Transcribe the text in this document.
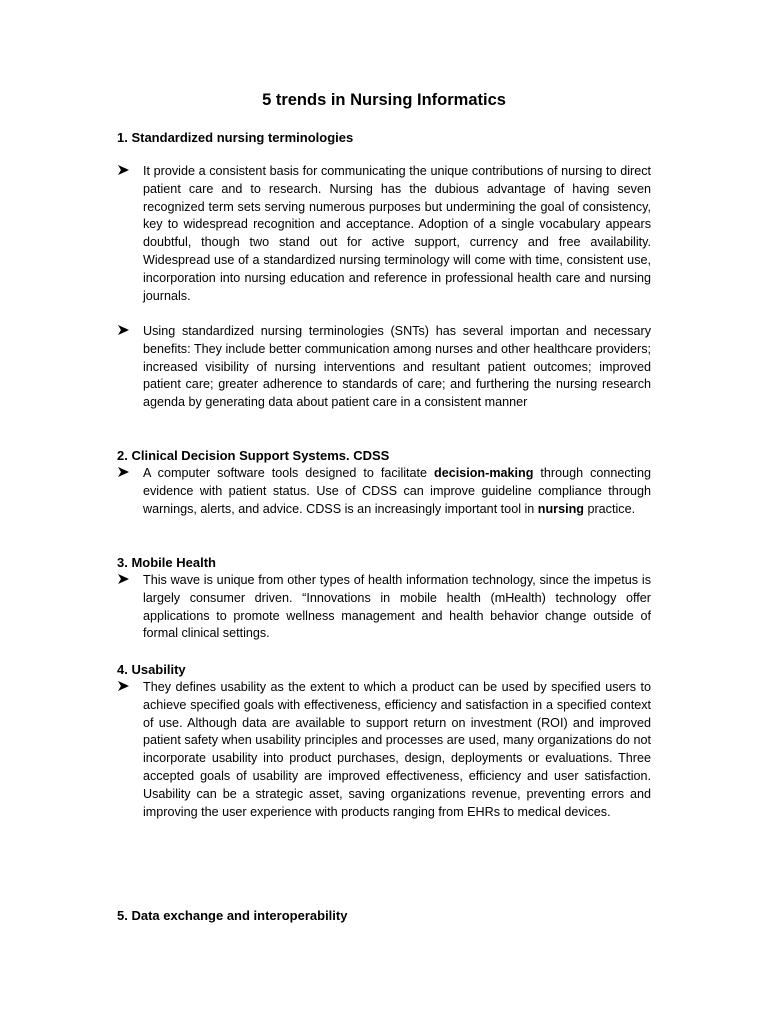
5 trends in Nursing Informatics
1. Standardized nursing terminologies
It provide a consistent basis for communicating the unique contributions of nursing to direct patient care and to research. Nursing has the dubious advantage of having seven recognized term sets serving numerous purposes but undermining the goal of consistency, key to widespread recognition and acceptance. Adoption of a single vocabulary appears doubtful, though two stand out for active support, currency and free availability. Widespread use of a standardized nursing terminology will come with time, consistent use, incorporation into nursing education and reference in professional health care and nursing journals.
Using standardized nursing terminologies (SNTs) has several importan and necessary benefits: They include better communication among nurses and other healthcare providers; increased visibility of nursing interventions and resultant patient outcomes; improved patient care; greater adherence to standards of care; and furthering the nursing research agenda by generating data about patient care in a consistent manner
2. Clinical Decision Support Systems. CDSS
A computer software tools designed to facilitate decision-making through connecting evidence with patient status. Use of CDSS can improve guideline compliance through warnings, alerts, and advice. CDSS is an increasingly important tool in nursing practice.
3. Mobile Health
This wave is unique from other types of health information technology, since the impetus is largely consumer driven. “Innovations in mobile health (mHealth) technology offer applications to promote wellness management and health behavior change outside of formal clinical settings.
4. Usability
They defines usability as the extent to which a product can be used by specified users to achieve specified goals with effectiveness, efficiency and satisfaction in a specified context of use. Although data are available to support return on investment (ROI) and improved patient safety when usability principles and processes are used, many organizations do not incorporate usability into product purchases, design, deployments or evaluations. Three accepted goals of usability are improved effectiveness, efficiency and user satisfaction. Usability can be a strategic asset, saving organizations revenue, preventing errors and improving the user experience with products ranging from EHRs to medical devices.
5. Data exchange and interoperability
